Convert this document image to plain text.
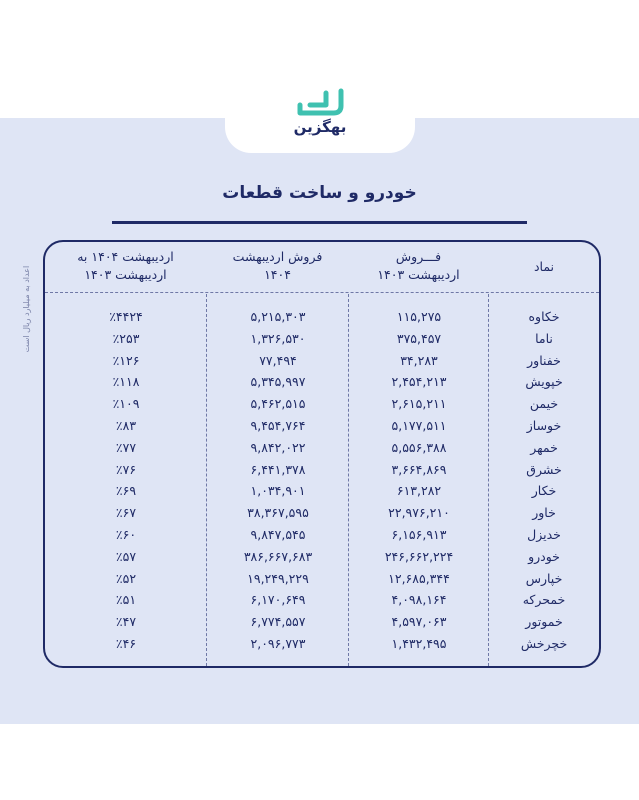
بهگزین
خودرو و ساخت قطعات
اعداد به میلیارد ریال است	نماد
فـــروش
اردیبهشت ۱۴۰۳
فروش اردیبهشت
۱۴۰۴
اردیبهشت ۱۴۰۴ به
اردیبهشت ۱۴۰۳
خکاوه
۱۱۵,۲۷۵
۵,۲۱۵,۳۰۳
٪۴۴۲۴
ناما
۳۷۵,۴۵۷
۱,۳۲۶,۵۳۰
٪۲۵۳
خفناور
۳۴,۲۸۳
۷۷,۴۹۴
٪۱۲۶
خپویش
۲,۴۵۴,۲۱۳
۵,۳۴۵,۹۹۷
٪۱۱۸
خیمن
۲,۶۱۵,۲۱۱
۵,۴۶۲,۵۱۵
٪۱۰۹
خوساز
۵,۱۷۷,۵۱۱
۹,۴۵۴,۷۶۴
٪۸۳
خمهر
۵,۵۵۶,۳۸۸
۹,۸۴۲,۰۲۲
٪۷۷
خشرق
۳,۶۶۴,۸۶۹
۶,۴۴۱,۳۷۸
٪۷۶
خکار
۶۱۳,۲۸۲
۱,۰۳۴,۹۰۱
٪۶۹
خاور
۲۲,۹۷۶,۲۱۰
۳۸,۳۶۷,۵۹۵
٪۶۷
خدیزل
۶,۱۵۶,۹۱۳
۹,۸۴۷,۵۴۵
٪۶۰
خودرو
۲۴۶,۶۶۲,۲۲۴
۳۸۶,۶۶۷,۶۸۳
٪۵۷
خپارس
۱۲,۶۸۵,۳۴۴
۱۹,۲۴۹,۲۲۹
٪۵۲
خمحرکه
۴,۰۹۸,۱۶۴
۶,۱۷۰,۶۴۹
٪۵۱
خموتور
۴,۵۹۷,۰۶۳
۶,۷۷۴,۵۵۷
٪۴۷
خچرخش
۱,۴۳۲,۴۹۵
۲,۰۹۶,۷۷۳
٪۴۶
